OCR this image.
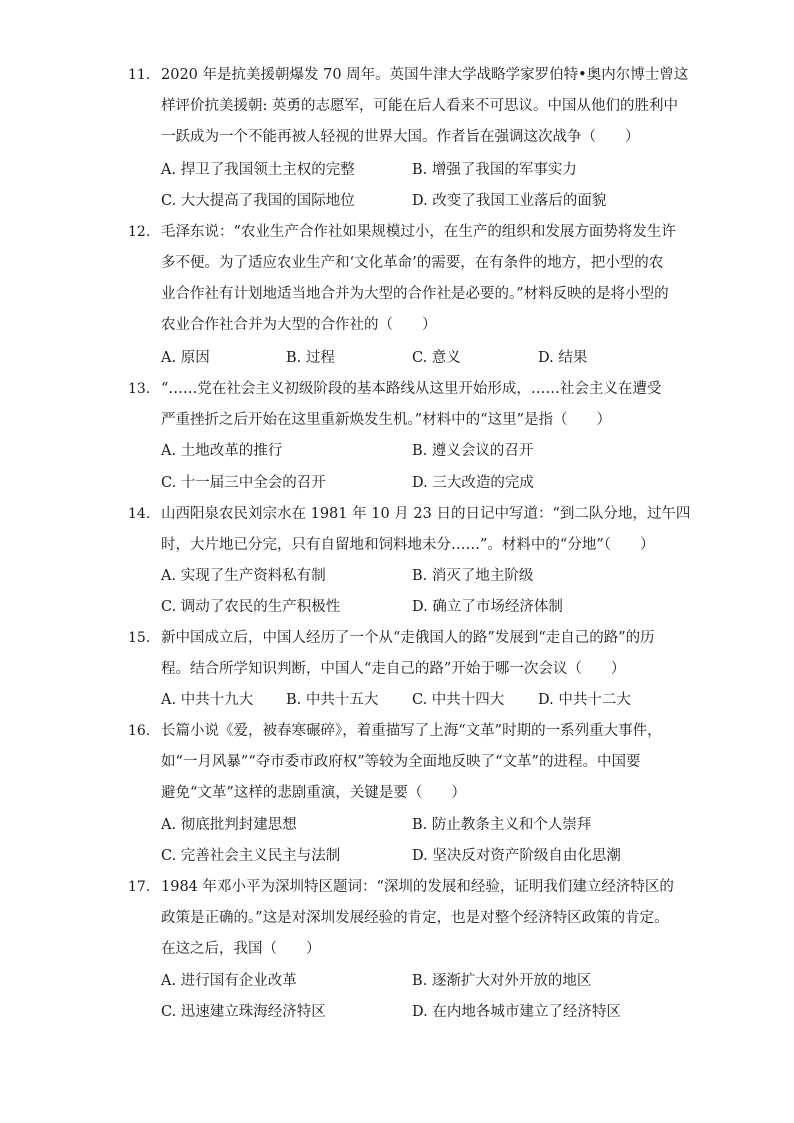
11. 2020 年是抗美援朝爆发 70 周年。英国牛津大学战略学家罗伯特•奥内尔博士曾这
样评价抗美援朝: 英勇的志愿军，可能在后人看来不可思议。中国从他们的胜利中
一跃成为一个不能再被人轻视的世界大国。作者旨在强调这次战争（　　）
A. 捍卫了我国领土主权的完整	B. 增强了我国的军事实力
C. 大大提高了我国的国际地位	D. 改变了我国工业落后的面貌
12. 毛泽东说：“农业生产合作社如果规模过小，在生产的组织和发展方面势将发生许
多不便。为了适应农业生产和‘文化革命’的需要，在有条件的地方，把小型的农
业合作社有计划地适当地合并为大型的合作社是必要的。”材料反映的是将小型的
农业合作社合并为大型的合作社的（　　）
A. 原因	B. 过程	C. 意义	D. 结果
13. “……党在社会主义初级阶段的基本路线从这里开始形成，……社会主义在遭受
严重挫折之后开始在这里重新焕发生机。”材料中的“这里”是指（　　）
A. 土地改革的推行	B. 遵义会议的召开
C. 十一届三中全会的召开	D. 三大改造的完成
14. 山西阳泉农民刘宗水在 1981 年 10 月 23 日的日记中写道：“到二队分地，过午四
时，大片地已分完，只有自留地和饲料地未分……”。材料中的“分地”（　　）
A. 实现了生产资料私有制	B. 消灭了地主阶级
C. 调动了农民的生产积极性	D. 确立了市场经济体制
15. 新中国成立后，中国人经历了一个从“走俄国人的路”发展到“走自己的路”的历
程。结合所学知识判断，中国人“走自己的路”开始于哪一次会议（　　）
A. 中共十九大 B. 中共十五大 C. 中共十四大 D. 中共十二大
16. 长篇小说《爱，被春寒碾碎》，着重描写了上海“文革”时期的一系列重大事件，
如“一月风暴”“夺市委市政府权”等较为全面地反映了“文革”的进程。中国要
避免“文革”这样的悲剧重演，关键是要（　　）
A. 彻底批判封建思想	B. 防止教条主义和个人崇拜
C. 完善社会主义民主与法制	D. 坚决反对资产阶级自由化思潮
17. 1984 年邓小平为深圳特区题词：“深圳的发展和经验，证明我们建立经济特区的
政策是正确的。”这是对深圳发展经验的肯定，也是对整个经济特区政策的肯定。
在这之后，我国（　　）
A. 进行国有企业改革	B. 逐渐扩大对外开放的地区
C. 迅速建立珠海经济特区	D. 在内地各城市建立了经济特区
